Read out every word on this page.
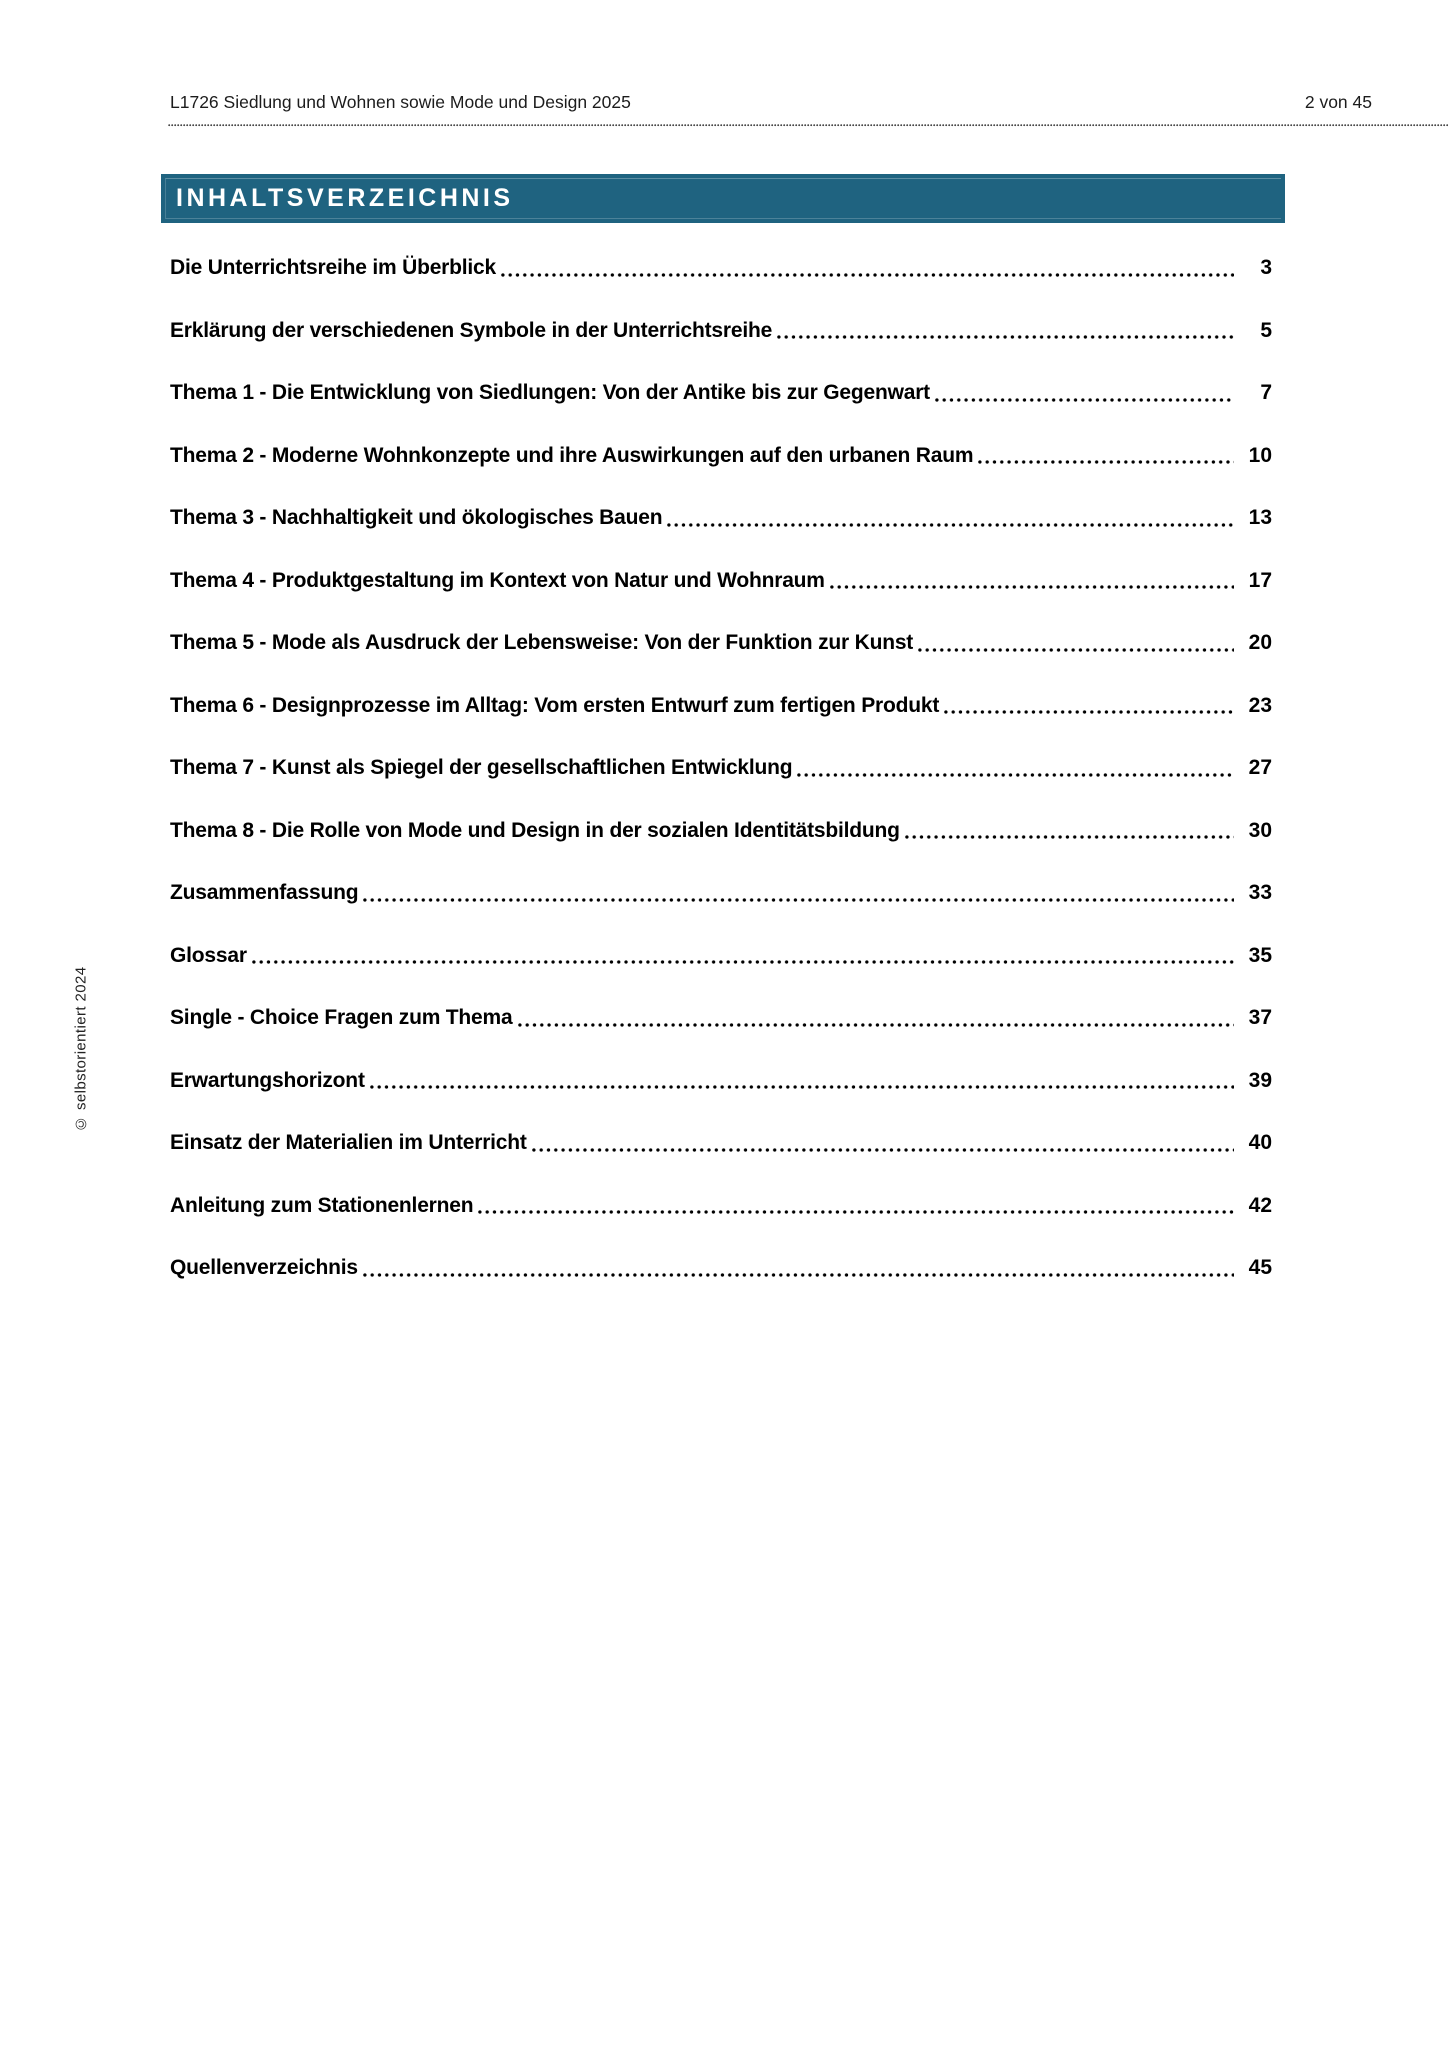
L1726 Siedlung und Wohnen sowie Mode und Design 2025	2 von 45
INHALTSVERZEICHNIS
Die Unterrichtsreihe im Überblick	3
Erklärung der verschiedenen Symbole in der Unterrichtsreihe	5
Thema 1 - Die Entwicklung von Siedlungen: Von der Antike bis zur Gegenwart	7
Thema 2 - Moderne Wohnkonzepte und ihre Auswirkungen auf den urbanen Raum	10
Thema 3 - Nachhaltigkeit und ökologisches Bauen	13
Thema 4 - Produktgestaltung im Kontext von Natur und Wohnraum	17
Thema 5 - Mode als Ausdruck der Lebensweise: Von der Funktion zur Kunst	20
Thema 6 - Designprozesse im Alltag: Vom ersten Entwurf zum fertigen Produkt	23
Thema 7 - Kunst als Spiegel der gesellschaftlichen Entwicklung	27
Thema 8 - Die Rolle von Mode und Design in der sozialen Identitätsbildung	30
Zusammenfassung	33
Glossar	35
Single - Choice Fragen zum Thema	37
Erwartungshorizont	39
Einsatz der Materialien im Unterricht	40
Anleitung zum Stationenlernen	42
Quellenverzeichnis	45
© selbstorientiert 2024
